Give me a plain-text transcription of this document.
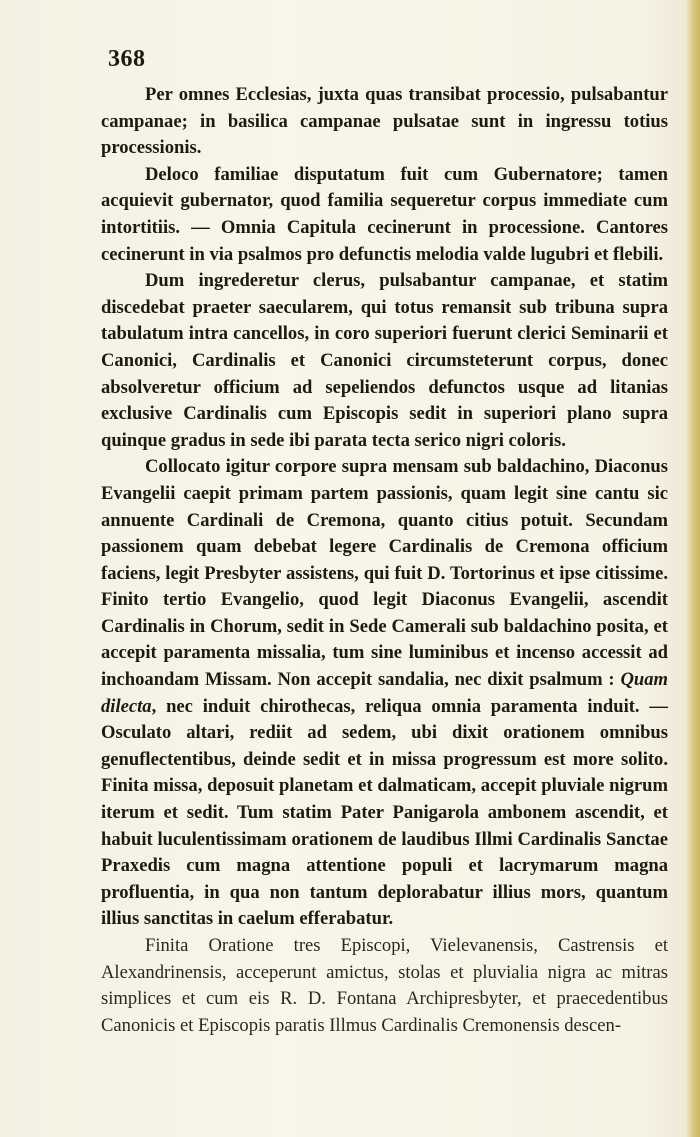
368

Per omnes Ecclesias, juxta quas transibat processio, pulsabantur campanae; in basilica campanae pulsatae sunt in ingressu totius processionis.

Deloco familiae disputatum fuit cum Gubernatore; tamen acquievit gubernator, quod familia sequeretur corpus immediate cum intortitiis. — Omnia Capitula cecinerunt in processione. Cantores cecinerunt in via psalmos pro defunctis melodia valde lugubri et flebili.

Dum ingrederetur clerus, pulsabantur campanae, et statim discedebat praeter saecularem, qui totus remansit sub tribuna supra tabulatum intra cancellos, in coro superiori fuerunt clerici Seminarii et Canonici, Cardinalis et Canonici circumsteterunt corpus, donec absolveretur officium ad sepeliendos defunctos usque ad litanias exclusive Cardinalis cum Episcopis sedit in superiori plano supra quinque gradus in sede ibi parata tecta serico nigri coloris.

Collocato igitur corpore supra mensam sub baldachino, Diaconus Evangelii caepit primam partem passionis, quam legit sine cantu sic annuente Cardinali de Cremona, quanto citius potuit. Secundam passionem quam debebat legere Cardinalis de Cremona officium faciens, legit Presbyter assistens, qui fuit D. Tortorinus et ipse citissime. Finito tertio Evangelio, quod legit Diaconus Evangelii, ascendit Cardinalis in Chorum, sedit in Sede Camerali sub baldachino posita, et accepit paramenta missalia, tum sine luminibus et incenso accessit ad inchoandam Missam. Non accepit sandalia, nec dixit psalmum : Quam dilecta, nec induit chirothecas, reliqua omnia paramenta induit. — Osculato altari, rediit ad sedem, ubi dixit orationem omnibus genuflectentibus, deinde sedit et in missa progressum est more solito. Finita missa, deposuit planetam et dalmaticam, accepit pluviale nigrum iterum et sedit. Tum statim Pater Panigarola ambonem ascendit, et habuit luculentissimam orationem de laudibus Illmi Cardinalis Sanctae Praxedis cum magna attentione populi et lacrymarum magna profluentia, in qua non tantum deplorabatur illius mors, quantum illius sanctitas in caelum efferabatur.

Finita Oratione tres Episcopi, Vielevanensis, Castrensis et Alexandrinensis, acceperunt amictus, stolas et pluvialia nigra ac mitras simplices et cum eis R. D. Fontana Archipresbyter, et praecedentibus Canonicis et Episcopis paratis Illmus Cardinalis Cremonensis descen-
